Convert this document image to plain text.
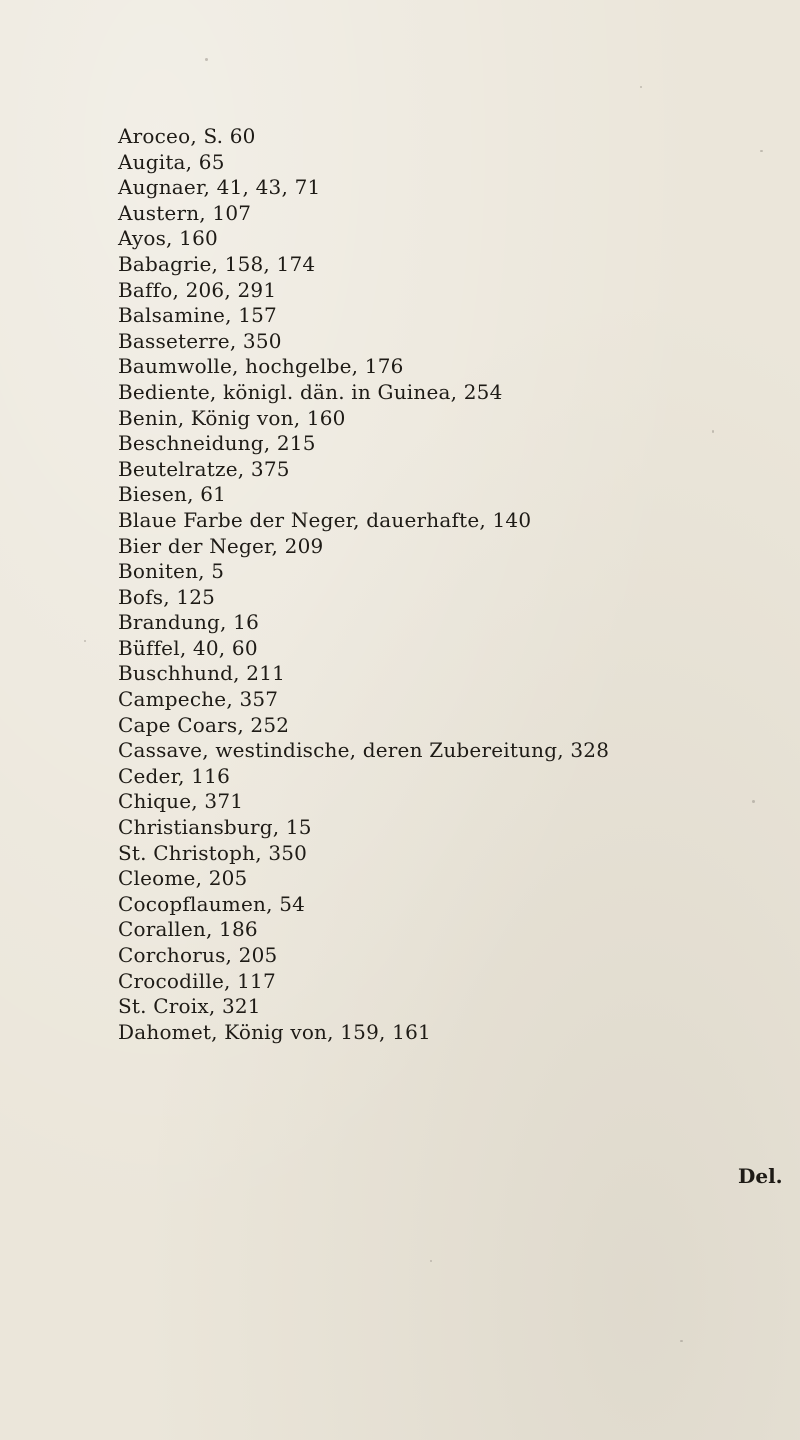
Aroceo, S. 60
Augita, 65
Augnaer, 41, 43, 71
Austern, 107
Ayos, 160
Babagrie, 158, 174
Baffo, 206, 291
Balsamine, 157
Basseterre, 350
Baumwolle, hochgelbe, 176
Bediente, königl. dän. in Guinea, 254
Benin, König von, 160
Beschneidung, 215
Beutelratze, 375
Biesen, 61
Blaue Farbe der Neger, dauerhafte, 140
Bier der Neger, 209
Boniten, 5
Bofs, 125
Brandung, 16
Büffel, 40, 60
Buschhund, 211
Campeche, 357
Cape Coars, 252
Cassave, westindische, deren Zubereitung, 328
Ceder, 116
Chique, 371
Christiansburg, 15
St. Christoph, 350
Cleome, 205
Cocopflaumen, 54
Corallen, 186
Corchorus, 205
Crocodille, 117
St. Croix, 321
Dahomet, König von, 159, 161
Del.
